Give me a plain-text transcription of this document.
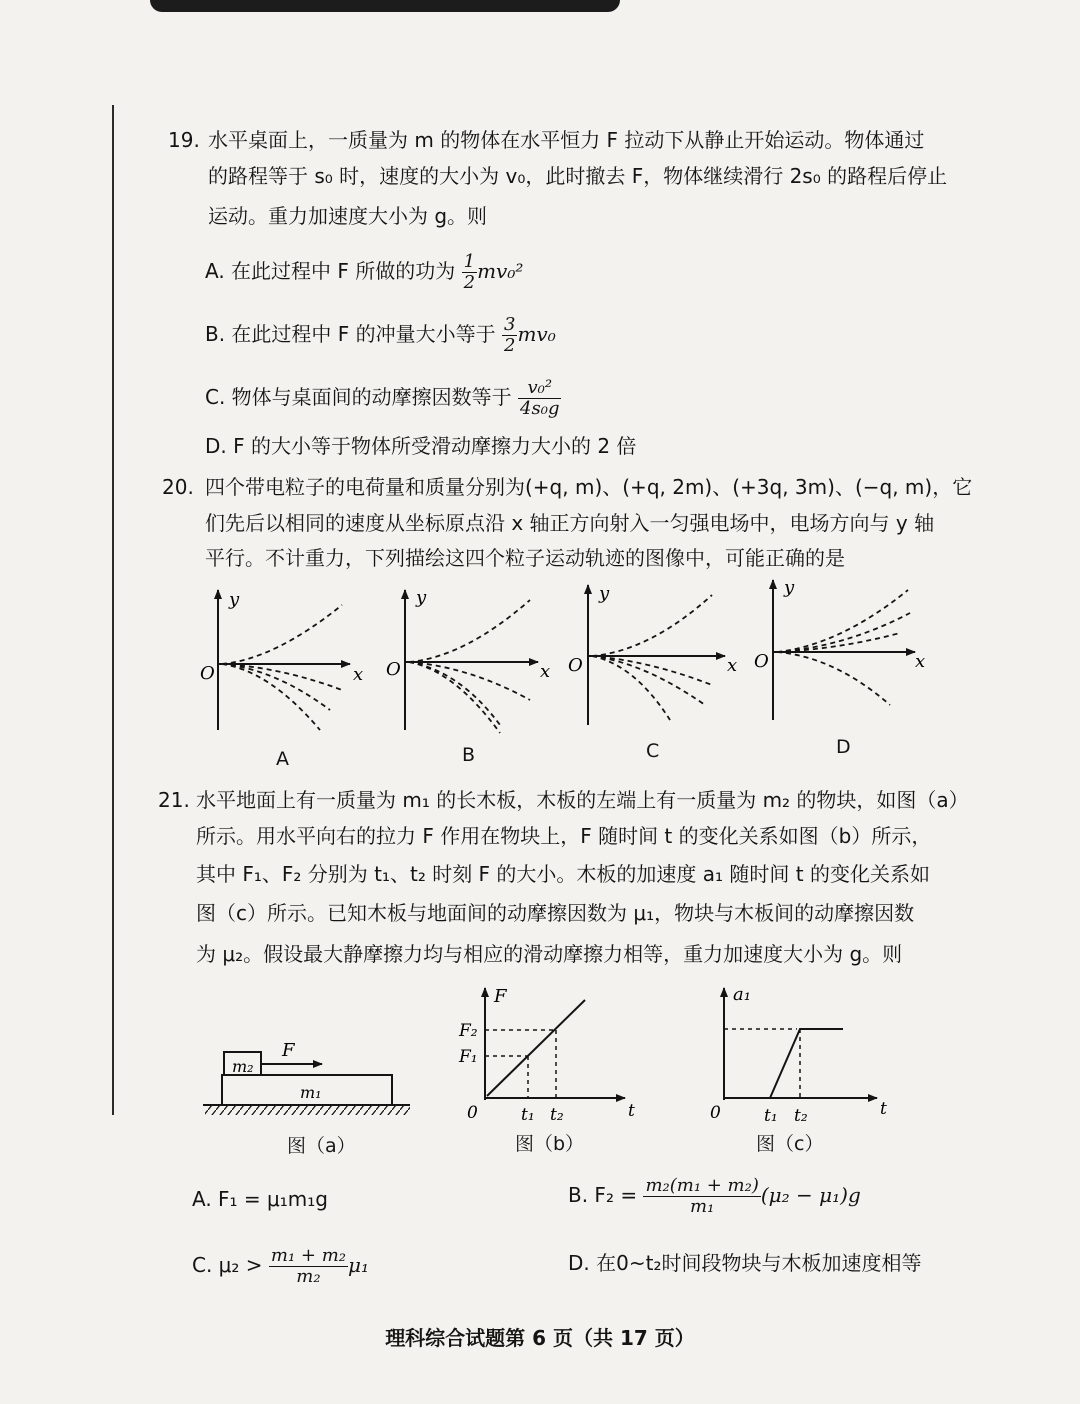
19. 水平桌面上，一质量为 m 的物体在水平恒力 F 拉动下从静止开始运动。物体通过
的路程等于 s₀ 时，速度的大小为 v₀，此时撤去 F，物体继续滑行 2s₀ 的路程后停止
运动。重力加速度大小为 g。则
A. 在此过程中 F 所做的功为 $\frac{1}{2} mv_0^2$
B. 在此过程中 F 的冲量大小等于 $\frac{3}{2} mv_0$
C. 物体与桌面间的动摩擦因数等于 $\frac{\text{v₀²}}{\text{4s₀g}}$
D. F 的大小等于物体所受滑动摩擦力大小的 2 倍
20. 四个带电粒子的电荷量和质量分别为(+q, m)、(+q, 2m)、(+3q, 3m)、(−q, m)，它
们先后以相同的速度从坐标原点沿 x 轴正方向射入一匀强电场中，电场方向与 y 轴
平行。不计重力，下列描绘这四个粒子运动轨迹的图像中，可能正确的是
y
x
O
y
x
O
y
x
O
y
x
O
A	B	C	D
21. 水平地面上有一质量为 m₁ 的长木板，木板的左端上有一质量为 m₂ 的物块，如图（a）
所示。用水平向右的拉力 F 作用在物块上，F 随时间 t 的变化关系如图（b）所示，
其中 F₁、F₂ 分别为 t₁、t₂ 时刻 F 的大小。木板的加速度 a₁ 随时间 t 的变化关系如
图（c）所示。已知木板与地面间的动摩擦因数为 μ₁，物块与木板间的动摩擦因数
为 μ₂。假设最大静摩擦力均与相应的滑动摩擦力相等，重力加速度大小为 g。则
m₂
m₁
F
F
t
0
F₁
F₂
t₁ t₂
a₁
t
0	t₁ t₂
图（a）	图（b）	图（c）
A. F₁ = μ₁m₁g	B. $F_2 = \frac{\text{m₂(m₁ + m₂)}}{\text{m₁}} (\mu_2 - \mu_1)g$
C. $\mu_2 > \frac{\text{m₁ + m₂}}{\text{m₂}} \mu_1$	D. 在0~t₂时间段物块与木板加速度相等
理科综合试题第 6 页（共 17 页）
